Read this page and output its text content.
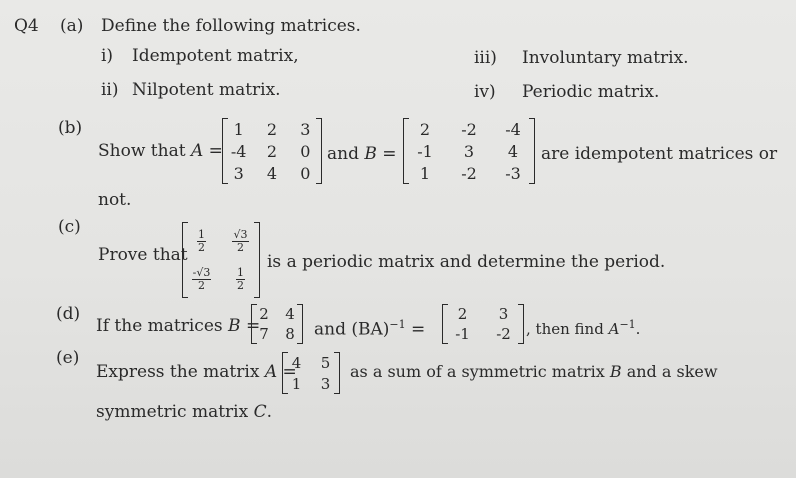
Q4 (a) Define the following matrices.
i) Idempotent matrix,
ii) Nilpotent matrix.
iii) Involuntary matrix.
iv) Periodic matrix.
(b)
Show that A =
1 2 3
-4 2 0
3 4 0
and B =
2 -2 -4
-1 3 4
1 -2 -3
are idempotent matrices or
not.
(c)
Prove that
$\frac{1}{2} \frac{√3}{2}$
$\frac{-√3}{2} \frac{1}{2}$
is a periodic matrix and determine the period.
(d)
If the matrices B =
2 4
7 8 and (BA)$^{-1}$ =
2 3
-1 -2 , then find $A^{-1}$.
(e)
Express the matrix A =
4 5
1 3
as a sum of a symmetric matrix B and a skew
symmetric matrix C.
